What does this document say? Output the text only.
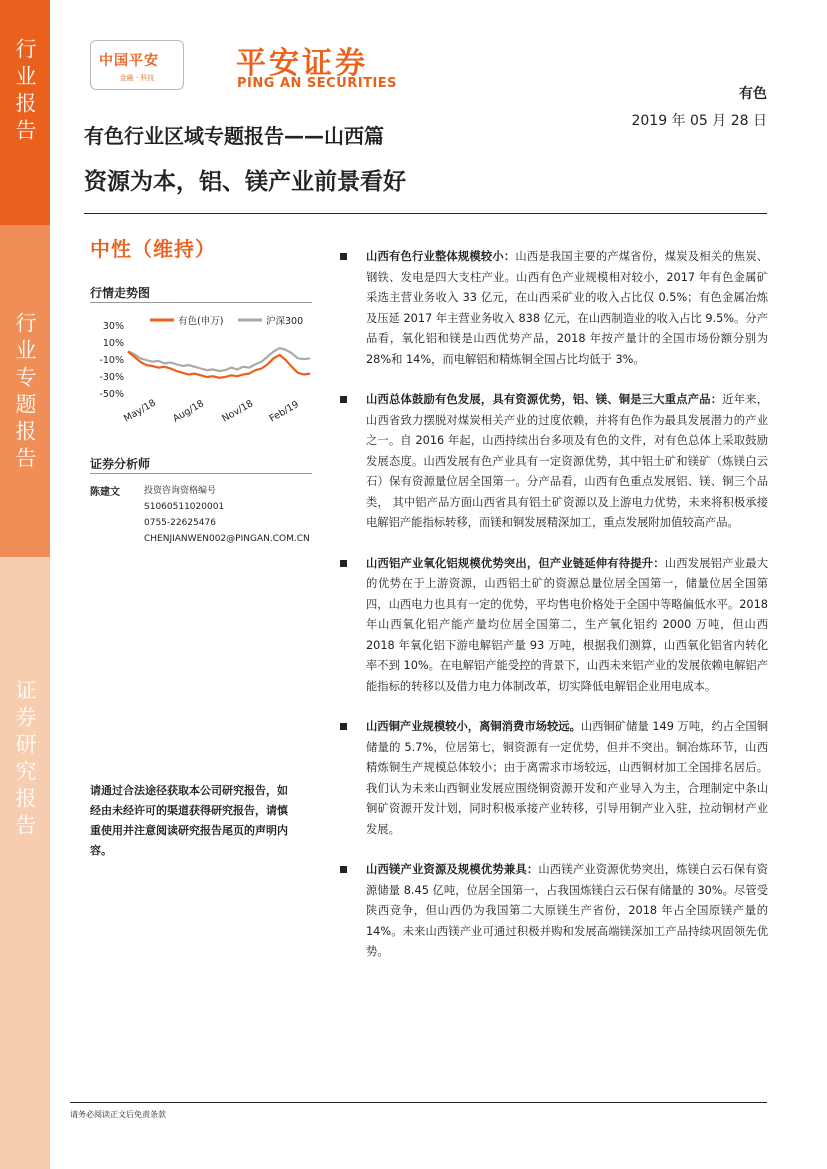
行业报告
行业专题报告
证券研究报告
中国平安
金融 · 科技	平安证券
PING AN SECURITIES
有色
2019 年 05 月 28 日
有色行业区域专题报告——山西篇
资源为本，铝、镁产业前景看好
中性（维持）
行情走势图
30%
10%
-10%
-30%
-50%
May/18 Aug/18 Nov/18 Feb/19
有色(申万)	沪深300
证券分析师
陈建文	投资咨询资格编号
S1060511020001
0755-22625476
CHENJIANWEN002@PINGAN.COM.CN
请通过合法途径获取本公司研究报告，如经由未经许可的渠道获得研究报告，请慎重使用并注意阅读研究报告尾页的声明内容。
山西有色行业整体规模较小：山西是我国主要的产煤省份，煤炭及相关的焦炭、钢铁、发电是四大支柱产业。山西有色产业规模相对较小，2017 年有色金属矿采选主营业务收入 33 亿元，在山西采矿业的收入占比仅 0.5%；有色金属冶炼及压延 2017 年主营业务收入 838 亿元，在山西制造业的收入占比 9.5%。分产品看，氧化铝和镁是山西优势产品，2018 年按产量计的全国市场份额分别为 28%和 14%，而电解铝和精炼铜全国占比均低于 3%。
山西总体鼓励有色发展，具有资源优势，铝、镁、铜是三大重点产品：近年来，山西省致力摆脱对煤炭相关产业的过度依赖，并将有色作为最具发展潜力的产业之一。自 2016 年起，山西持续出台多项及有色的文件，对有色总体上采取鼓励发展态度。山西发展有色产业具有一定资源优势，其中铝土矿和镁矿（炼镁白云石）保有资源量位居全国第一。分产品看，山西有色重点发展铝、镁、铜三个品类， 其中铝产品方面山西省具有铝土矿资源以及上游电力优势，未来将积极承接电解铝产能指标转移，而镁和铜发展精深加工，重点发展附加值较高产品。
山西铝产业氧化铝规模优势突出，但产业链延伸有待提升：山西发展铝产业最大的优势在于上游资源，山西铝土矿的资源总量位居全国第一，储量位居全国第四，山西电力也具有一定的优势，平均售电价格处于全国中等略偏低水平。2018 年山西氧化铝产能产量均位居全国第二，生产氧化铝约 2000 万吨，但山西 2018 年氧化铝下游电解铝产量 93 万吨，根据我们测算，山西氧化铝省内转化率不到 10%。在电解铝产能受控的背景下，山西未来铝产业的发展依赖电解铝产能指标的转移以及借力电力体制改革，切实降低电解铝企业用电成本。
山西铜产业规模较小，离铜消费市场较远。山西铜矿储量 149 万吨，约占全国铜储量的 5.7%，位居第七，铜资源有一定优势，但并不突出。铜冶炼环节，山西精炼铜生产规模总体较小；由于离需求市场较远，山西铜材加工全国排名居后。我们认为未来山西铜业发展应围绕铜资源开发和产业导入为主，合理制定中条山铜矿资源开发计划，同时积极承接产业转移，引导用铜产业入驻，拉动铜材产业发展。
山西镁产业资源及规模优势兼具：山西镁产业资源优势突出，炼镁白云石保有资源储量 8.45 亿吨，位居全国第一，占我国炼镁白云石保有储量的 30%。尽管受陕西竞争，但山西仍为我国第二大原镁生产省份，2018 年占全国原镁产量的 14%。未来山西镁产业可通过积极并购和发展高端镁深加工产品持续巩固领先优势。
请务必阅读正文后免责条款
